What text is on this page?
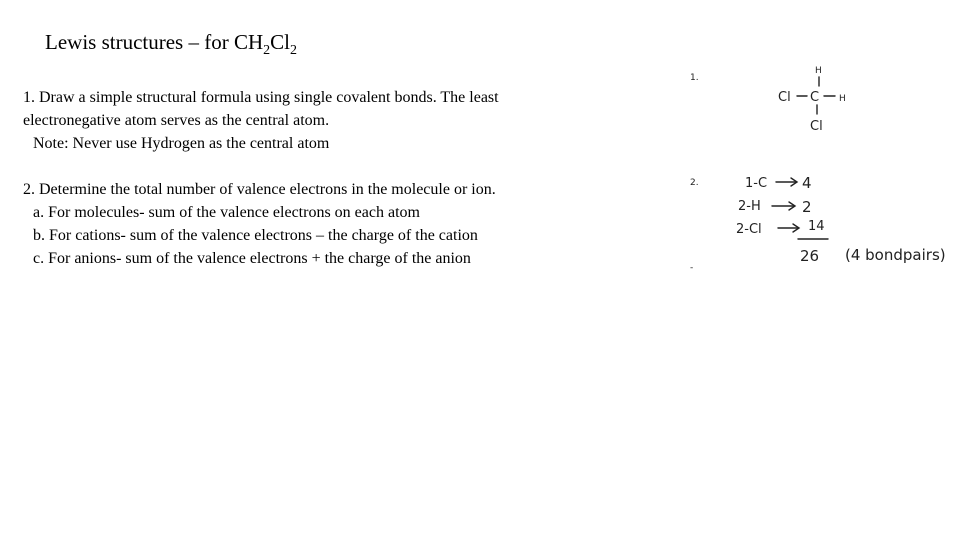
Lewis structures – for $CH_2Cl_2$

1. Draw a simple structural formula using single covalent bonds. The least

electronegative atom serves as the central atom.

Note: Never use Hydrogen as the central atom

2. Determine the total number of valence electrons in the molecule or ion.

a. For molecules- sum of the valence electrons on each atom

b. For cations- sum of the valence electrons – the charge of the cation

c. For anions- sum of the valence electrons + the charge of the anion

1.
H
Cl C H
Cl
2.	1-C 4
2-H	2
2-Cl	14
26 (4 bondpairs)
-
